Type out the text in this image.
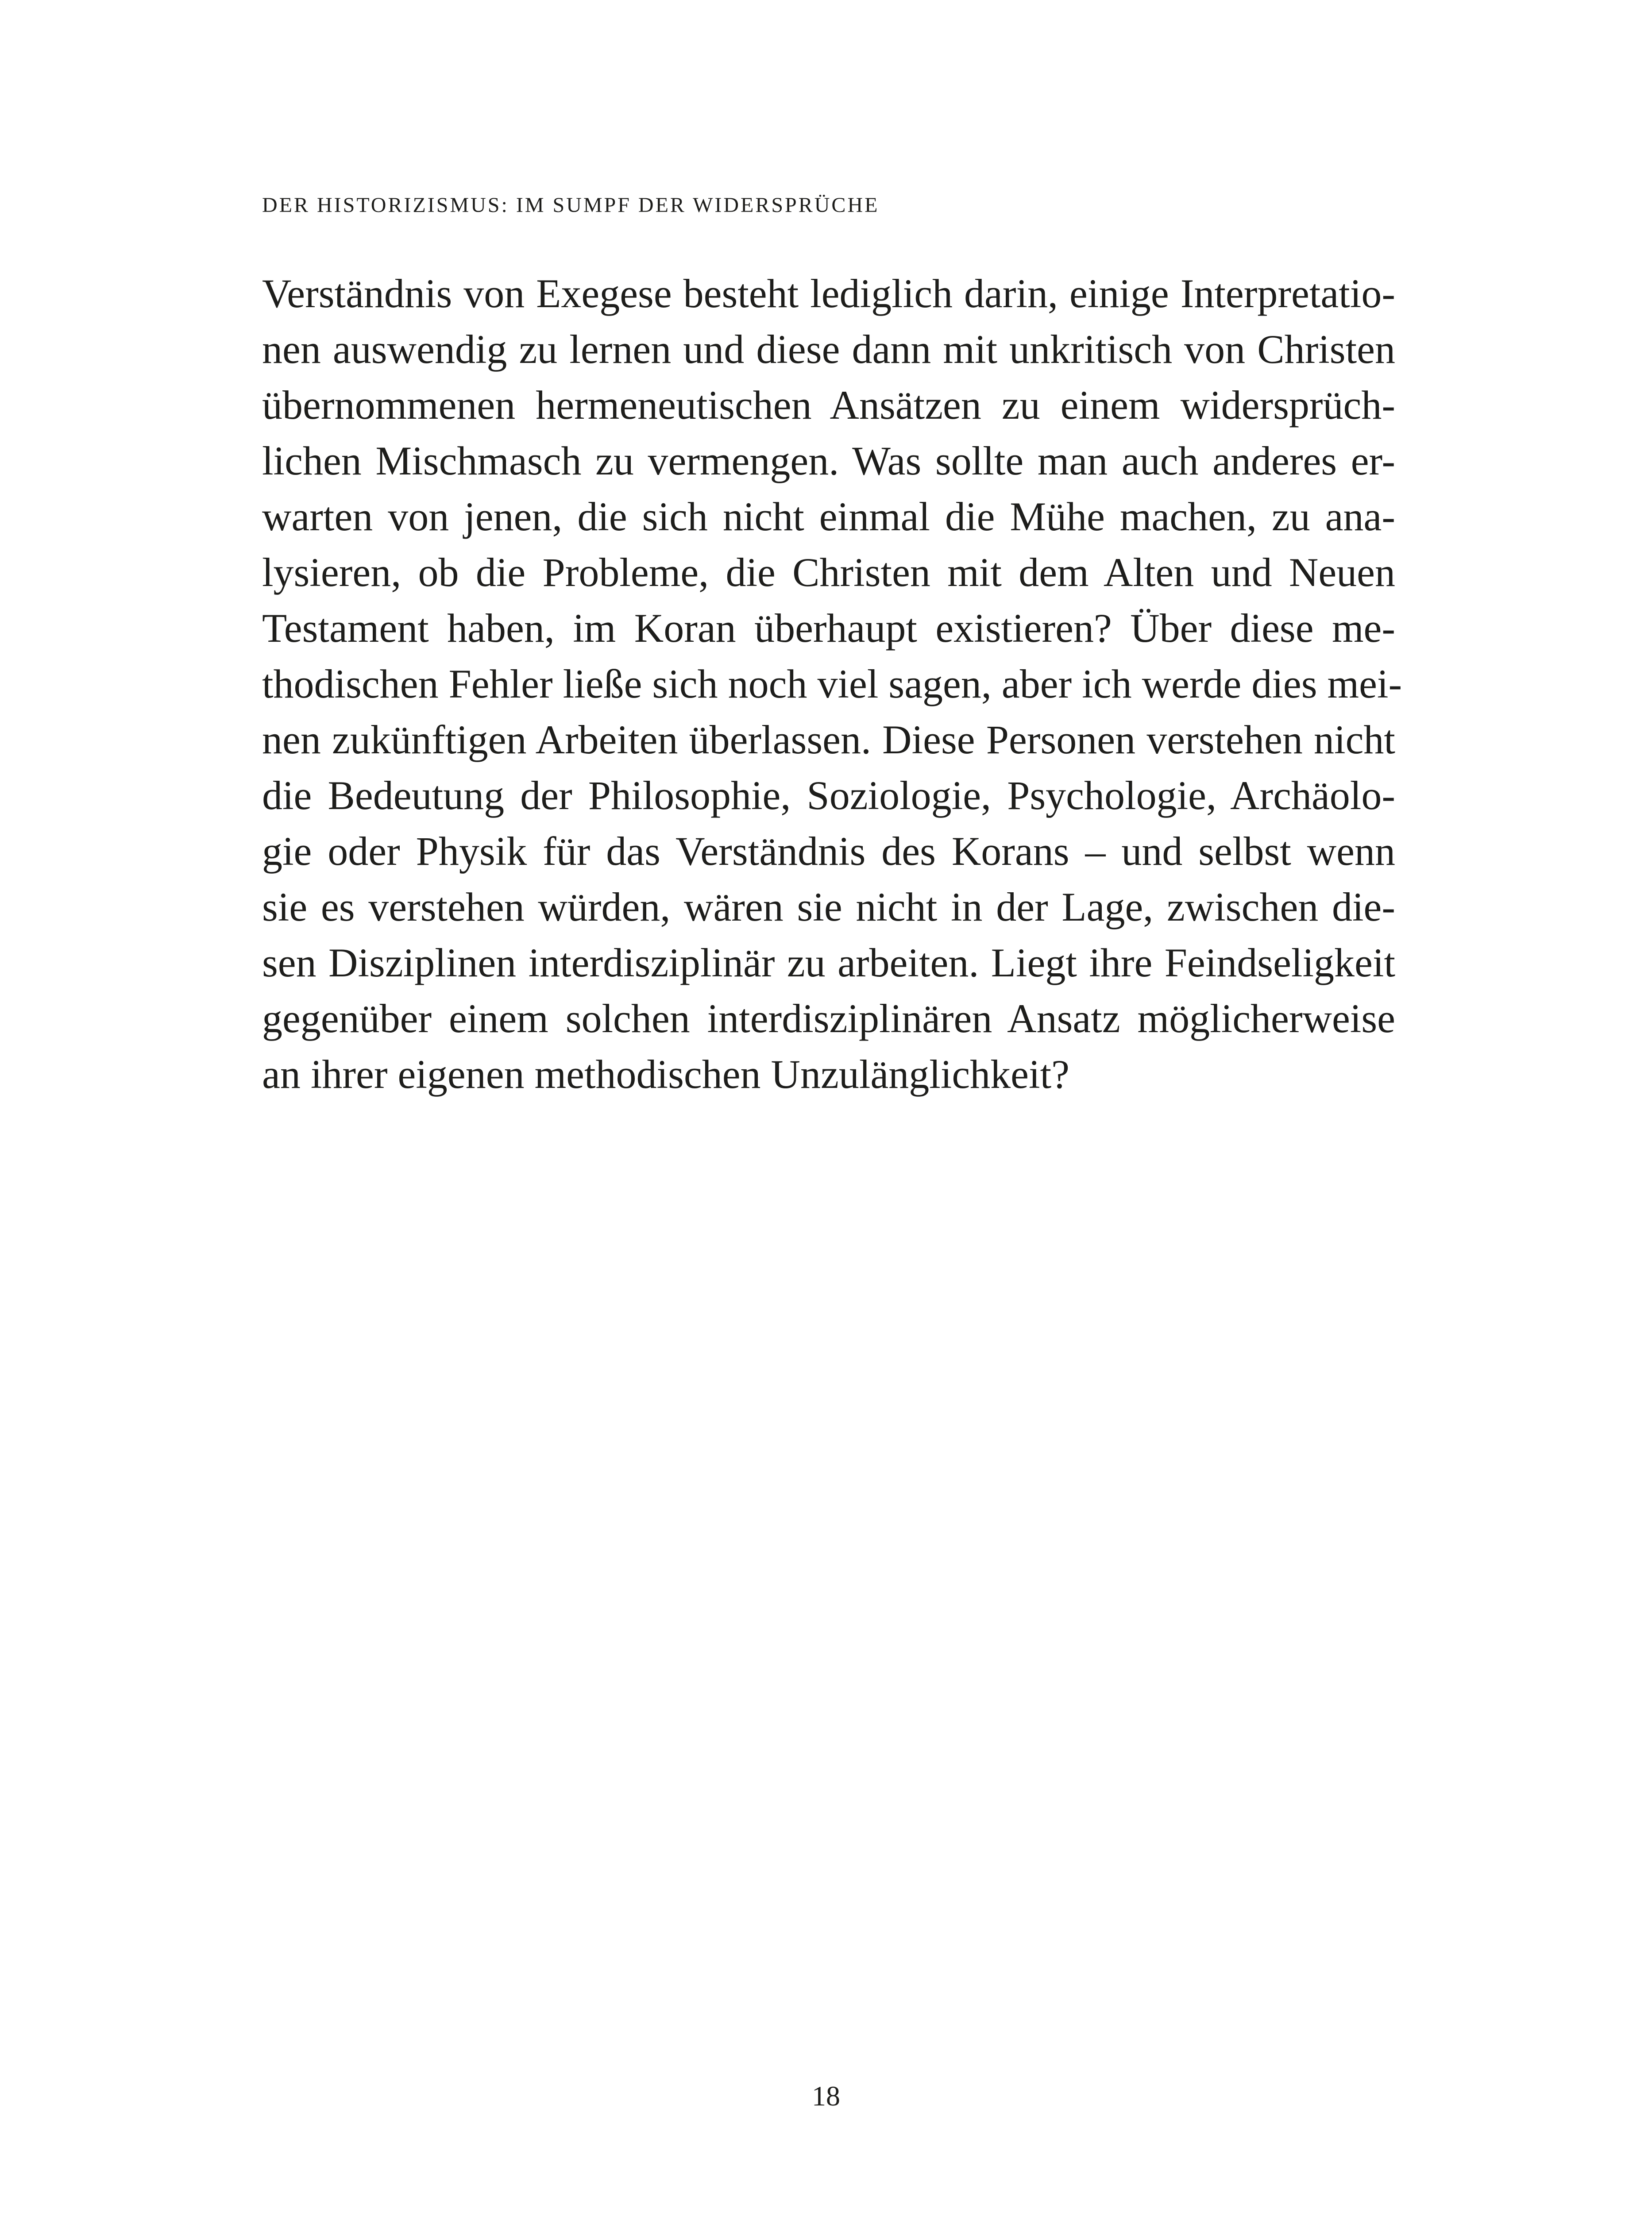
DER HISTORIZISMUS: IM SUMPF DER WIDERSPRÜCHE
Verständnis von Exegese besteht lediglich darin, einige Interpretatio-
nen auswendig zu lernen und diese dann mit unkritisch von Christen
übernommenen hermeneutischen Ansätzen zu einem widersprüch-
lichen Mischmasch zu vermengen. Was sollte man auch anderes er-
warten von jenen, die sich nicht einmal die Mühe machen, zu ana-
lysieren, ob die Probleme, die Christen mit dem Alten und Neuen
Testament haben, im Koran überhaupt existieren? Über diese me-
thodischen Fehler ließe sich noch viel sagen, aber ich werde dies mei-
nen zukünftigen Arbeiten überlassen. Diese Personen verstehen nicht
die Bedeutung der Philosophie, Soziologie, Psychologie, Archäolo-
gie oder Physik für das Verständnis des Korans – und selbst wenn
sie es verstehen würden, wären sie nicht in der Lage, zwischen die-
sen Disziplinen interdisziplinär zu arbeiten. Liegt ihre Feindseligkeit
gegenüber einem solchen interdisziplinären Ansatz möglicherweise
an ihrer eigenen methodischen Unzulänglichkeit?
18
